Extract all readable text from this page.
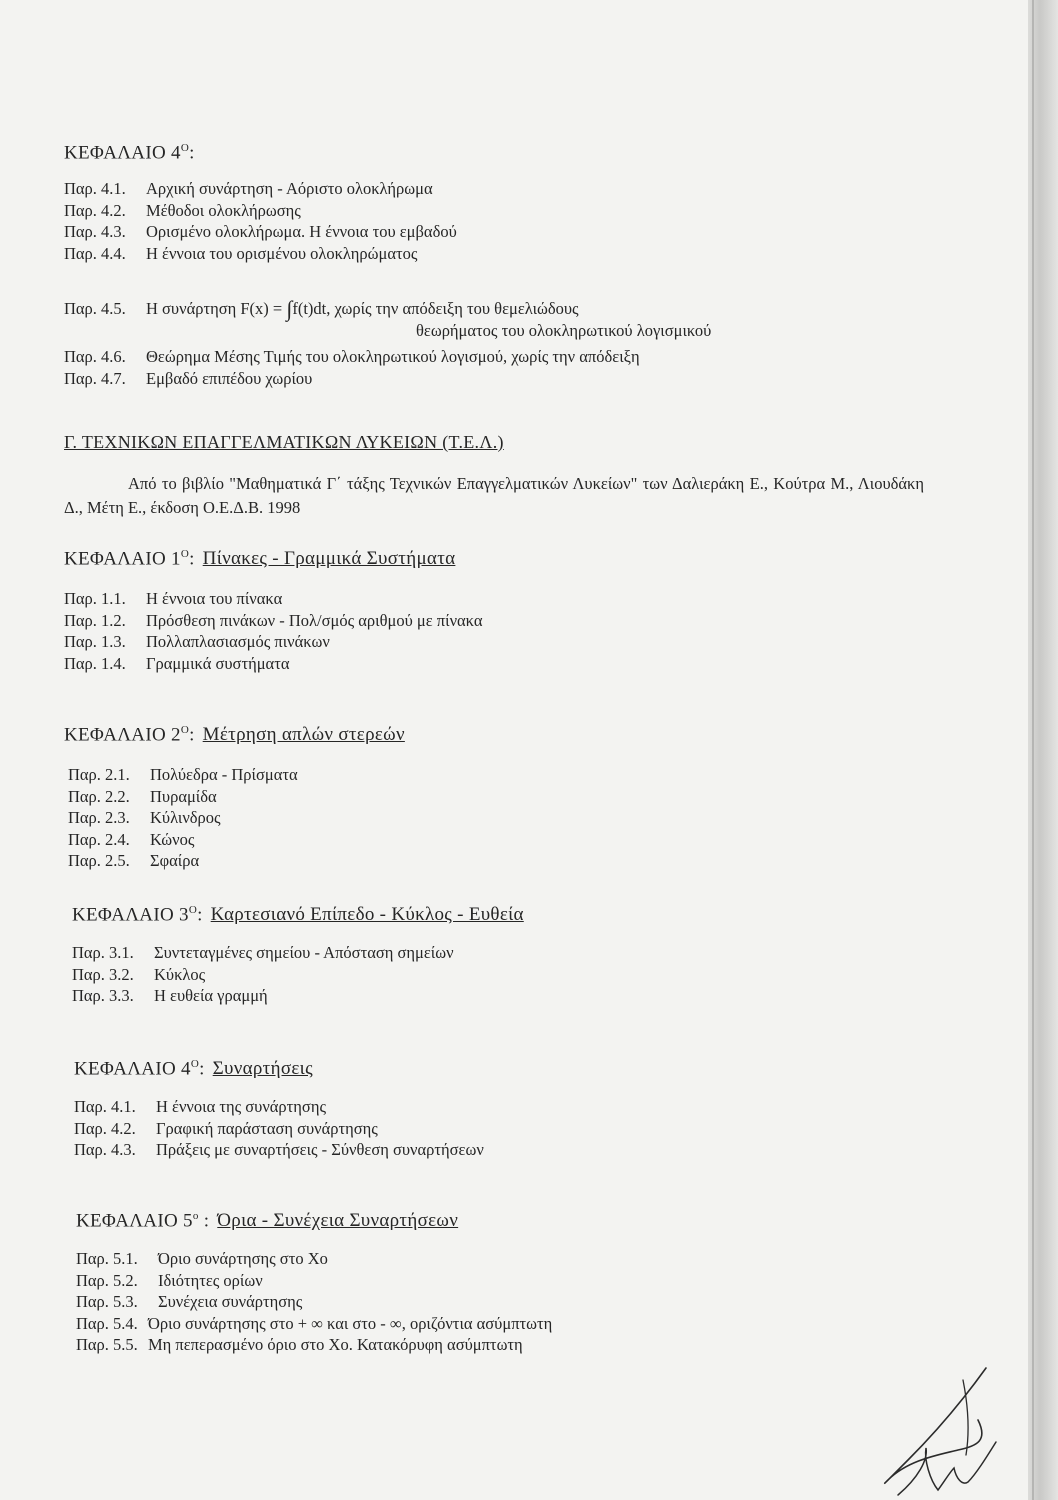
ΚΕΦΑΛΑΙΟ $4^O$:

Παρ. 4.1. Αρχική συνάρτηση - Αόριστο ολοκλήρωμα
Παρ. 4.2. Μέθοδοι ολοκλήρωσης
Παρ. 4.3. Ορισμένο ολοκλήρωμα. Η έννοια του εμβαδού
Παρ. 4.4. Η έννοια του ορισμένου ολοκληρώματος
Παρ. 4.5. Η συνάρτηση F(x) = ∫f(t)dt, χωρίς την απόδειξη του θεμελιώδους
θεωρήματος του ολοκληρωτικού λογισμικού
Παρ. 4.6. Θεώρημα Μέσης Τιμής του ολοκληρωτικού λογισμού, χωρίς την απόδειξη
Παρ. 4.7. Εμβαδό επιπέδου χωρίου
Γ. ΤΕΧΝΙΚΩΝ ΕΠΑΓΓΕΛΜΑΤΙΚΩΝ ΛΥΚΕΙΩΝ (Τ.Ε.Λ.)
Από το βιβλίο "Μαθηματικά Γ΄ τάξης Τεχνικών Επαγγελματικών Λυκείων" των Δαλιεράκη Ε., Κούτρα Μ., Λιουδάκη Δ., Μέτη Ε., έκδοση Ο.Ε.Δ.Β. 1998

ΚΕΦΑΛΑΙΟ $1^O$: Πίνακες - Γραμμικά Συστήματα

Παρ. 1.1. Η έννοια του πίνακα
Παρ. 1.2. Πρόσθεση πινάκων - Πολ/σμός αριθμού με πίνακα
Παρ. 1.3. Πολλαπλασιασμός πινάκων
Παρ. 1.4. Γραμμικά συστήματα

ΚΕΦΑΛΑΙΟ $2^O$: Μέτρηση απλών στερεών

Παρ. 2.1. Πολύεδρα - Πρίσματα
Παρ. 2.2. Πυραμίδα
Παρ. 2.3. Κύλινδρος
Παρ. 2.4. Κώνος
Παρ. 2.5. Σφαίρα

ΚΕΦΑΛΑΙΟ $3^O$: Καρτεσιανό Επίπεδο - Κύκλος - Ευθεία

Παρ. 3.1. Συντεταγμένες σημείου - Απόσταση σημείων
Παρ. 3.2. Κύκλος
Παρ. 3.3. Η ευθεία γραμμή

ΚΕΦΑΛΑΙΟ $4^O$: Συναρτήσεις

Παρ. 4.1. Η έννοια της συνάρτησης
Παρ. 4.2. Γραφική παράσταση συνάρτησης
Παρ. 4.3. Πράξεις με συναρτήσεις - Σύνθεση συναρτήσεων

ΚΕΦΑΛΑΙΟ $5^o$ : Όρια - Συνέχεια Συναρτήσεων

Παρ. 5.1. Όριο συνάρτησης στο Xo
Παρ. 5.2. Ιδιότητες ορίων
Παρ. 5.3. Συνέχεια συνάρτησης
Παρ. 5.4. Όριο συνάρτησης στο + ∞ και στο - ∞, οριζόντια ασύμπτωτη
Παρ. 5.5. Μη πεπερασμένο όριο στο Xo. Κατακόρυφη ασύμπτωτη
